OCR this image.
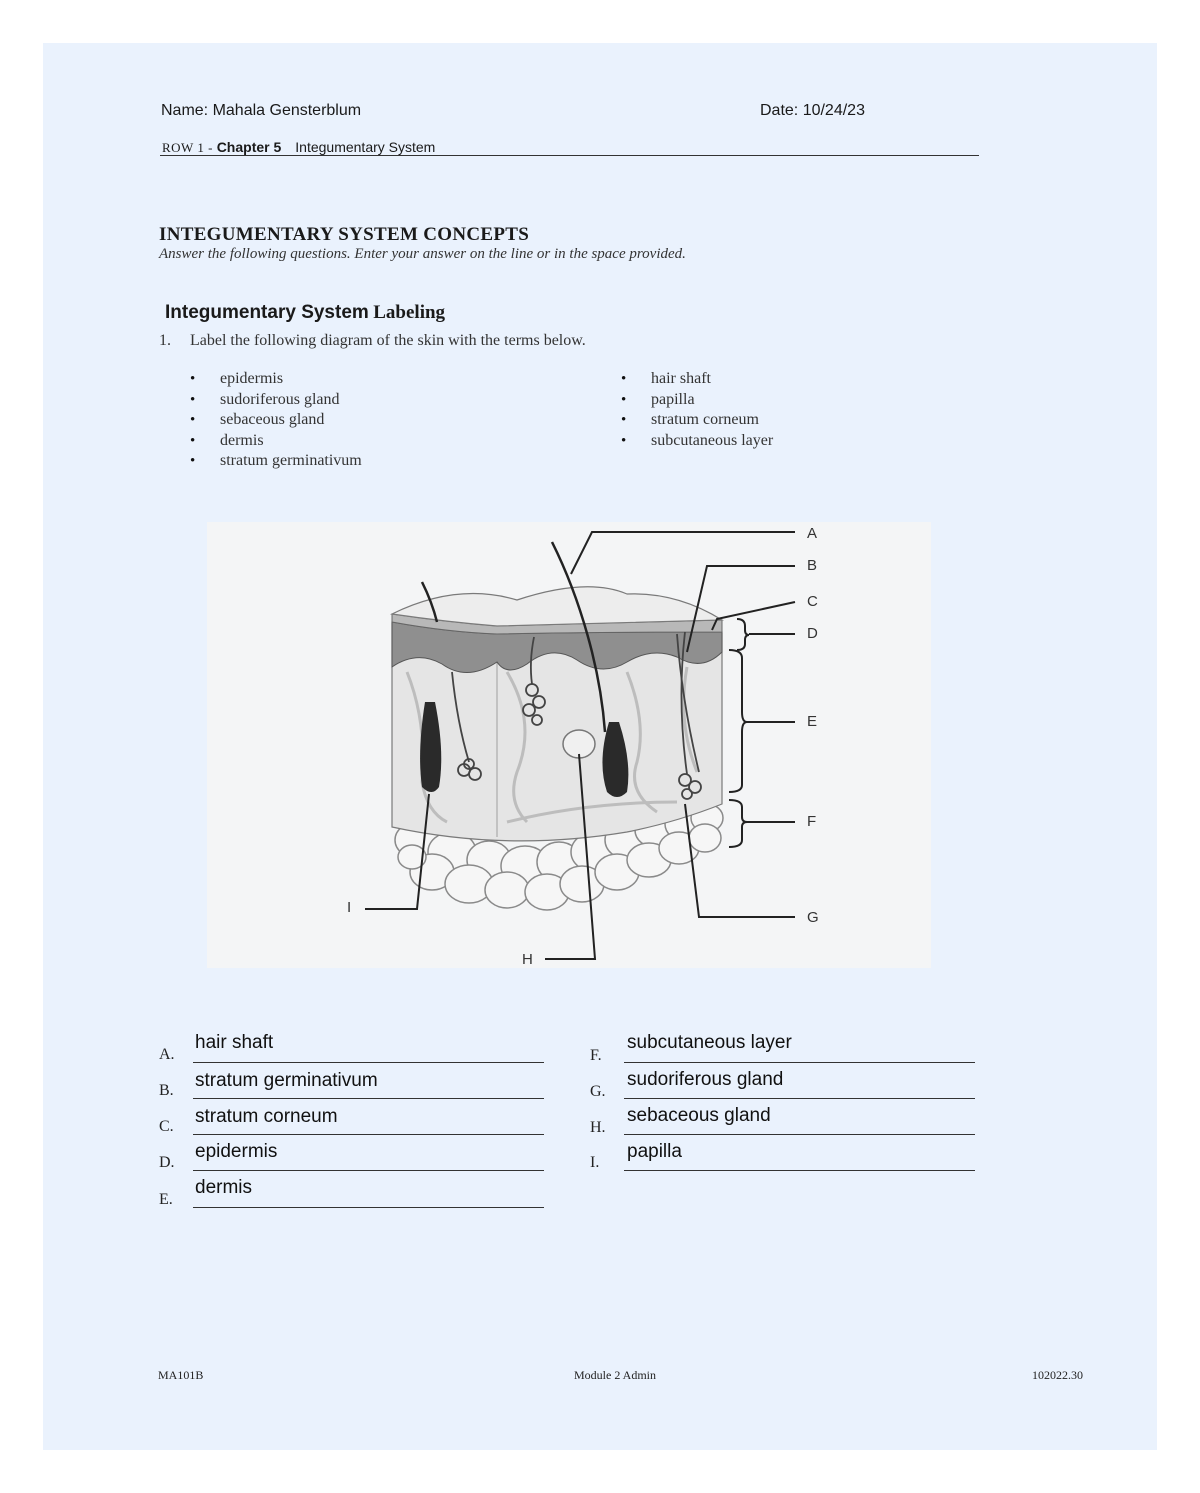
Name: Mahala Gensterblum	Date: 10/24/23
ROW 1 - Chapter 5 Integumentary System
INTEGUMENTARY SYSTEM CONCEPTS
Answer the following questions. Enter your answer on the line or in the space provided.
Integumentary System Labeling
1. Label the following diagram of the skin with the terms below.
• epidermis
• sudoriferous gland
• sebaceous gland
• dermis
• stratum germinativum
• hair shaft
• papilla
• stratum corneum
• subcutaneous layer
A
B
C
D
E
F
G
H
I
A.
hair shaft
B. stratum germinativum
C. stratum corneum
D.
epidermis
E.
dermis
F.
subcutaneous layer
G.
sudoriferous gland
H.
sebaceous gland
I.
papilla
MA101B	Module 2 Admin	102022.30
